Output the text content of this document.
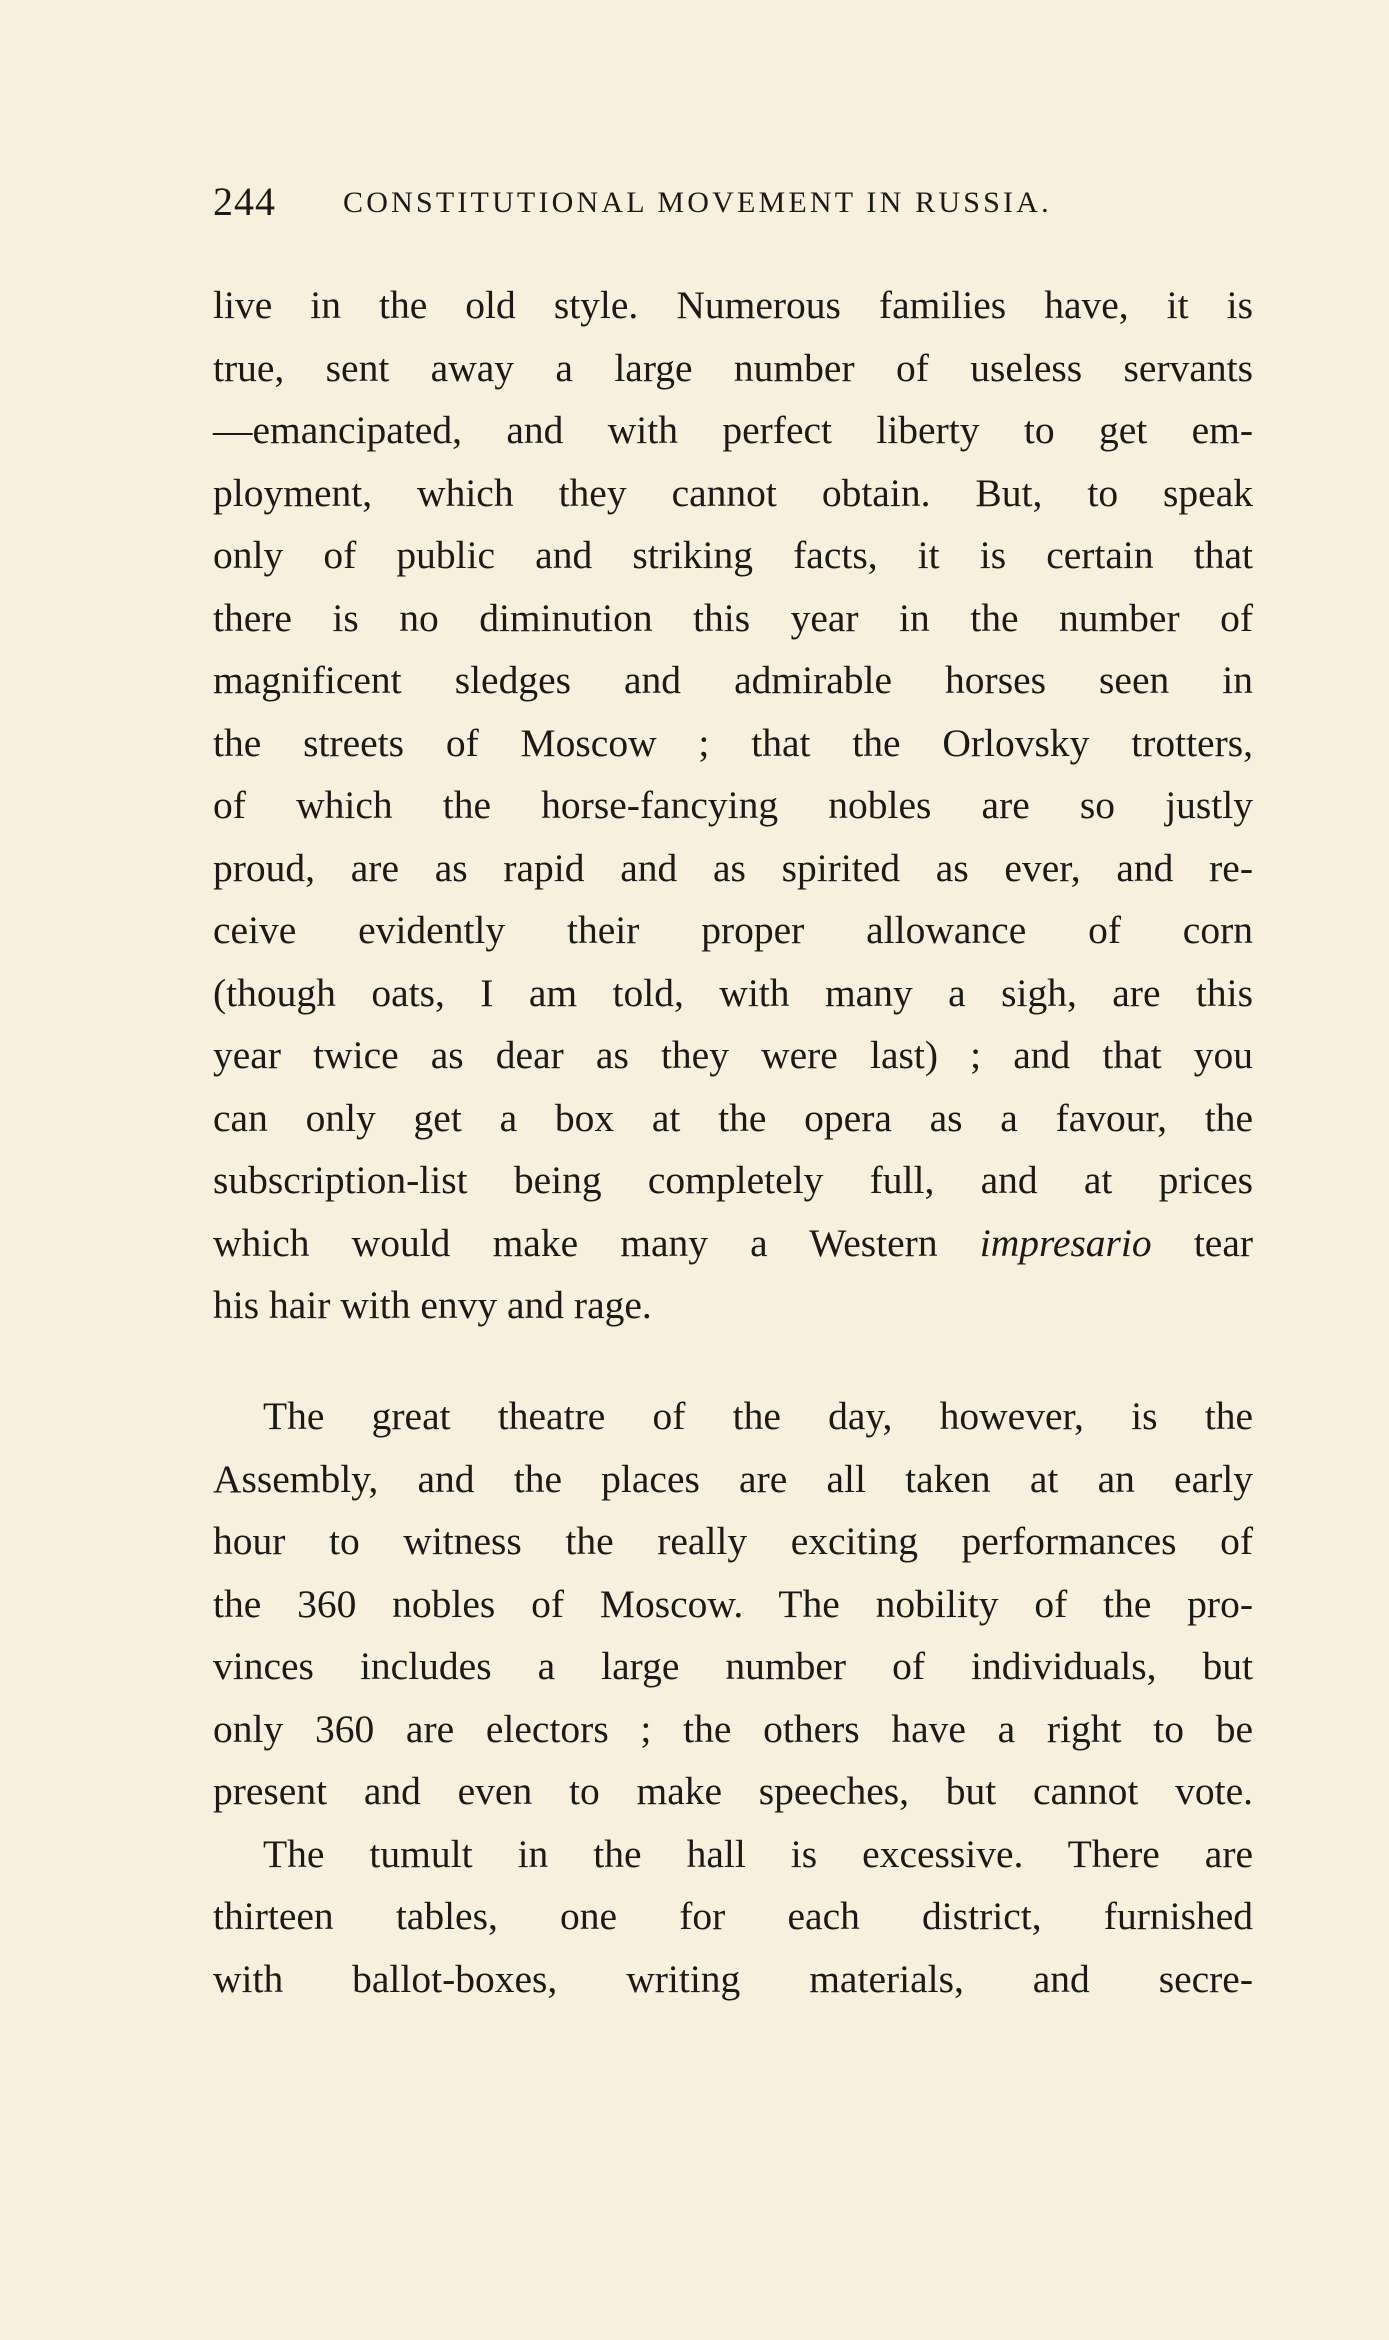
244 CONSTITUTIONAL MOVEMENT IN RUSSIA.
live in the old style. Numerous families have, it is
true, sent away a large number of useless servants
—emancipated, and with perfect liberty to get em-
ployment, which they cannot obtain. But, to speak
only of public and striking facts, it is certain that
there is no diminution this year in the number of
magnificent sledges and admirable horses seen in
the streets of Moscow ; that the Orlovsky trotters,
of which the horse-fancying nobles are so justly
proud, are as rapid and as spirited as ever, and re-
ceive evidently their proper allowance of corn
(though oats, I am told, with many a sigh, are this
year twice as dear as they were last) ; and that you
can only get a box at the opera as a favour, the
subscription-list being completely full, and at prices
which would make many a Western impresario tear
his hair with envy and rage.
The great theatre of the day, however, is the
Assembly, and the places are all taken at an early
hour to witness the really exciting performances of
the 360 nobles of Moscow. The nobility of the pro-
vinces includes a large number of individuals, but
only 360 are electors ; the others have a right to be
present and even to make speeches, but cannot vote.
The tumult in the hall is excessive. There are
thirteen tables, one for each district, furnished
with ballot-boxes, writing materials, and secre-
